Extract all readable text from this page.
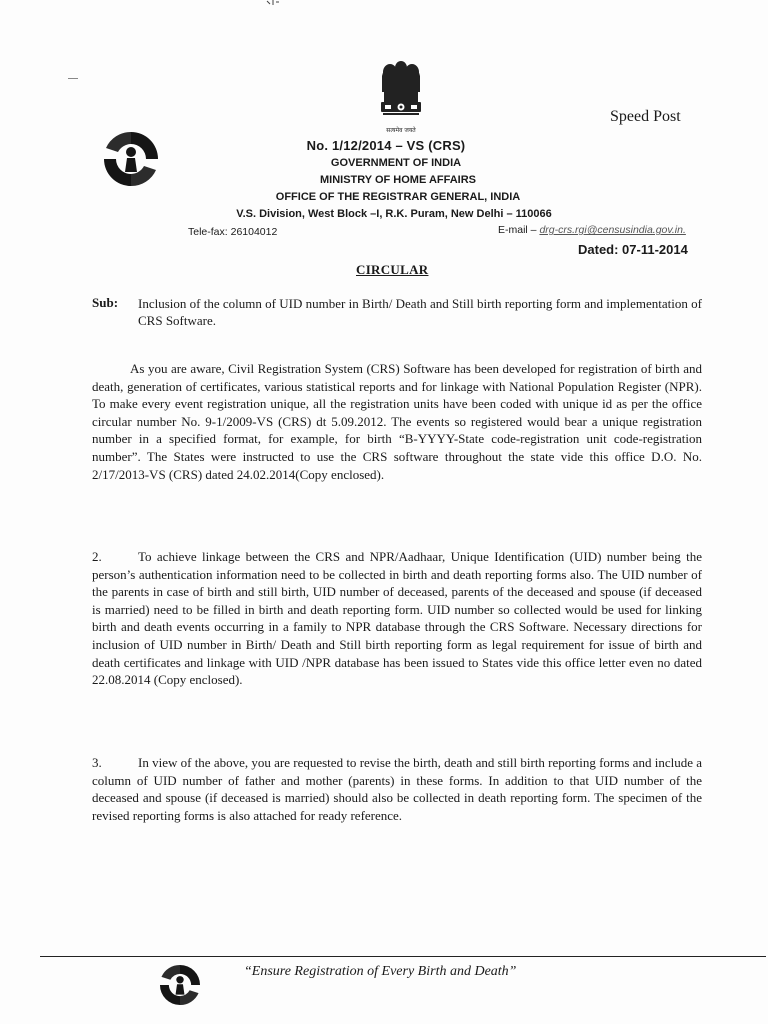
सत्यमेव जयते
Speed Post
No. 1/12/2014 – VS (CRS)
GOVERNMENT OF INDIA
MINISTRY OF HOME AFFAIRS
OFFICE OF THE REGISTRAR GENERAL, INDIA
V.S. Division, West Block –I, R.K. Puram, New Delhi – 110066
Tele-fax: 26104012	E-mail – drg-crs.rgi@censusindia.gov.in.
Dated: 07-11-2014
CIRCULAR
Sub: Inclusion of the column of UID number in Birth/ Death and Still birth reporting form and implementation of CRS Software.
As you are aware, Civil Registration System (CRS) Software has been developed for registration of birth and death, generation of certificates, various statistical reports and for linkage with National Population Register (NPR). To make every event registration unique, all the registration units have been coded with unique id as per the office circular number No. 9-1/2009-VS (CRS) dt 5.09.2012. The events so registered would bear a unique registration number in a specified format, for example, for birth “B-YYYY-State code-registration unit code-registration number”. The States were instructed to use the CRS software throughout the state vide this office D.O. No. 2/17/2013-VS (CRS) dated 24.02.2014(Copy enclosed).
2.	To achieve linkage between the CRS and NPR/Aadhaar, Unique Identification (UID) number being the person’s authentication information need to be collected in birth and death reporting forms also. The UID number of the parents in case of birth and still birth, UID number of deceased, parents of the deceased and spouse (if deceased is married) need to be filled in birth and death reporting form. UID number so collected would be used for linking birth and death events occurring in a family to NPR database through the CRS Software. Necessary directions for inclusion of UID number in Birth/ Death and Still birth reporting form as legal requirement for issue of birth and death certificates and linkage with UID /NPR database has been issued to States vide this office letter even no dated 22.08.2014 (Copy enclosed).
3.	In view of the above, you are requested to revise the birth, death and still birth reporting forms and include a column of UID number of father and mother (parents) in these forms. In addition to that UID number of the deceased and spouse (if deceased is married) should also be collected in death reporting form. The specimen of the revised reporting forms is also attached for ready reference.
“Ensure Registration of Every Birth and Death”
